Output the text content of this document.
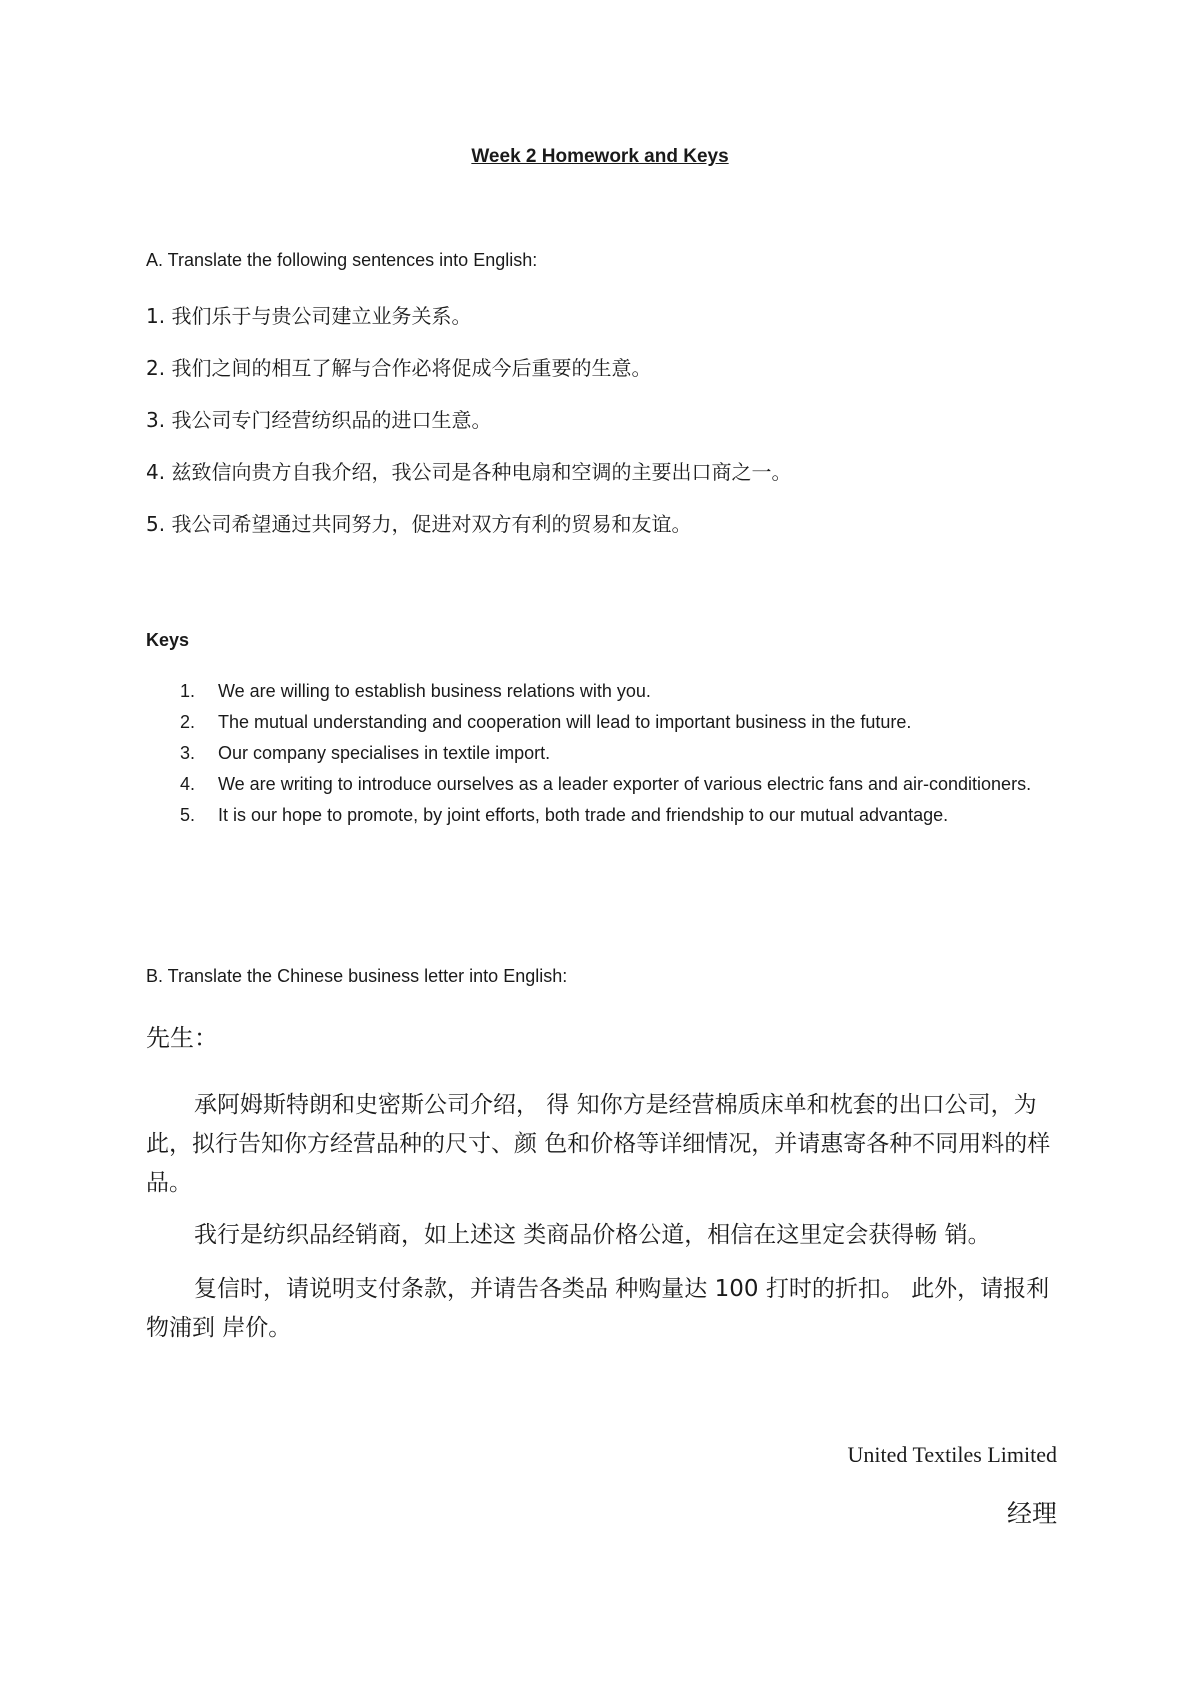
Week 2 Homework and Keys
A. Translate the following sentences into English:
1. 我们乐于与贵公司建立业务关系。
2. 我们之间的相互了解与合作必将促成今后重要的生意。
3. 我公司专门经营纺织品的进口生意。
4. 兹致信向贵方自我介绍，我公司是各种电扇和空调的主要出口商之一。
5. 我公司希望通过共同努力，促进对双方有利的贸易和友谊。
Keys
1. We are willing to establish business relations with you.
2. The mutual understanding and cooperation will lead to important business in the future.
3. Our company specialises in textile import.
4. We are writing to introduce ourselves as a leader exporter of various electric fans and air-conditioners.
5. It is our hope to promote, by joint efforts, both trade and friendship to our mutual advantage.
B. Translate the Chinese business letter into English:
先生：

承阿姆斯特朗和史密斯公司介绍， 得 知你方是经营棉质床单和枕套的出口公司，为此，拟行告知你方经营品种的尺寸、颜 色和价格等详细情况，并请惠寄各种不同用料的样品。

我行是纺织品经销商，如上述这 类商品价格公道，相信在这里定会获得畅 销。

复信时，请说明支付条款，并请告各类品 种购量达 100 打时的折扣。 此外，请报利物浦到 岸价。

United Textiles Limited
经理
